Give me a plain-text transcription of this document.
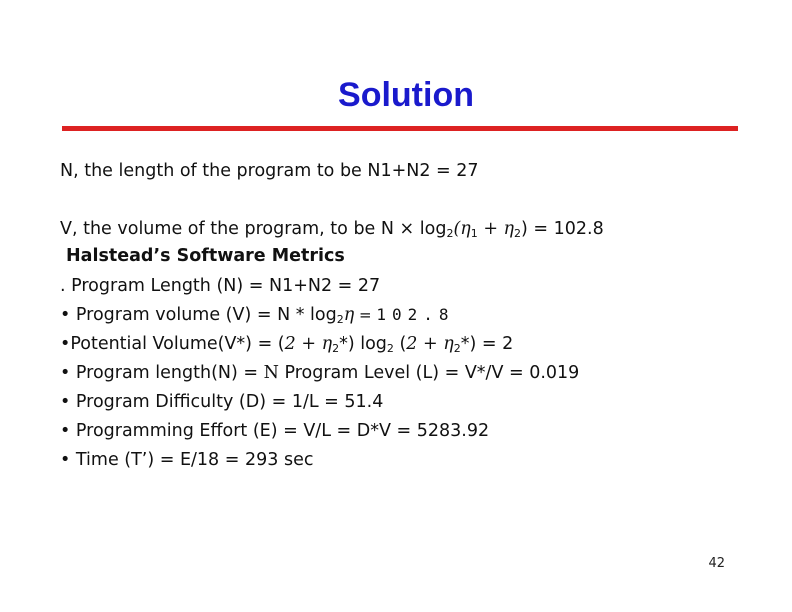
Solution
N, the length of the program to be N1+N2 = 27
V, the volume of the program, to be $N \times \log_2(\eta_1 + \eta_2) = 102.8$
Halstead’s Software Metrics
. Program Length (N) = N1+N2 = 27
• Program volume $(V) = N * \log_2\eta = 102.8$
•Potential Volume(V*) = $(2 + \eta_2*)$ $\log_2 (2 + \eta_2*) = 2$
• Program length(N) = N Program Level (L) = V*/V = 0.019
• Program Difficulty (D) = 1/L = 51.4
• Programming Effort (E) = V/L = D*V = 5283.92
• Time (T’) = E/18 = 293 sec
42
